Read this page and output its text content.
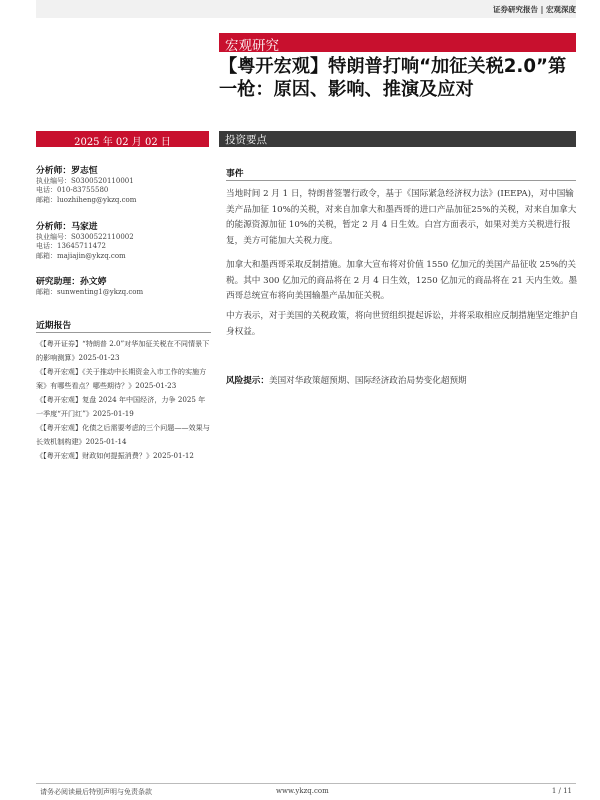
证券研究报告 | 宏观深度
宏观研究
【粤开宏观】特朗普打响“加征关税2.0”第一枪：原因、影响、推演及应对
2025 年 02 月 02 日	投资要点
分析师：罗志恒
执业编号：S0300520110001
电话：010-83755580
邮箱：luozhiheng@ykzq.com
分析师：马家进
执业编号：S0300522110002
电话：13645711472
邮箱：majiajin@ykzq.com
研究助理：孙文婷
邮箱：sunwenting1@ykzq.com
近期报告
《【粤开证券】“特朗普 2.0”对华加征关税在不同情景下的影响测算》2025-01-23
《【粤开宏观】《关于推动中长期资金入市工作的实施方案》有哪些看点？哪些期待？》2025-01-23
《【粤开宏观】复盘 2024 年中国经济，力争 2025 年一季度“开门红”》2025-01-19
《【粤开宏观】化债之后需要考虑的三个问题——效果与长效机制构建》2025-01-14
《【粤开宏观】财政如何提振消费？》2025-01-12
事件

当地时间 2 月 1 日，特朗普签署行政令，基于《国际紧急经济权力法》(IEEPA)，对中国输美产品加征 10%的关税，对来自加拿大和墨西哥的进口产品加征25%的关税，对来自加拿大的能源资源加征 10%的关税，暂定 2 月 4 日生效。白宫方面表示，如果对美方关税进行报复，美方可能加大关税力度。

加拿大和墨西哥采取反制措施。加拿大宣布将对价值 1550 亿加元的美国产品征收 25%的关税。其中 300 亿加元的商品将在 2 月 4 日生效，1250 亿加元的商品将在 21 天内生效。墨西哥总统宣布将向美国输墨产品加征关税。

中方表示，对于美国的关税政策，将向世贸组织提起诉讼，并将采取相应反制措施坚定维护自身权益。

风险提示：美国对华政策超预期、国际经济政治局势变化超预期
请务必阅读最后特别声明与免责条款	www.ykzq.com	1 / 11
